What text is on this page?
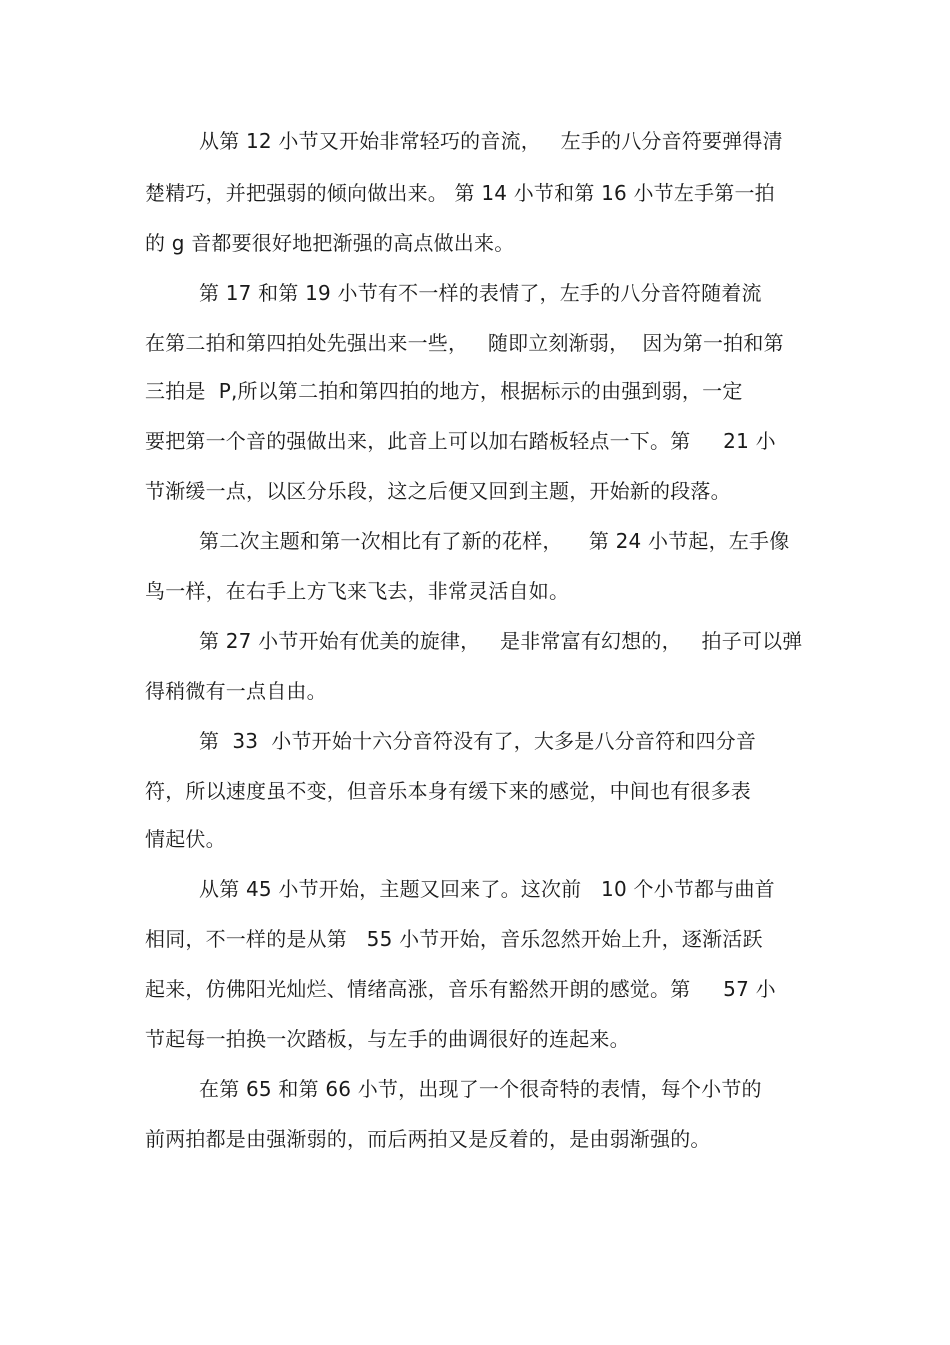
从第 12 小节又开始非常轻巧的音流，   左手的八分音符要弹得清
楚精巧，并把强弱的倾向做出来。 第 14 小节和第 16 小节左手第一拍
的 g 音都要很好地把渐强的高点做出来。
第 17 和第 19 小节有不一样的表情了，左手的八分音符随着流
在第二拍和第四拍处先强出来一些，   随即立刻渐弱，  因为第一拍和第
三拍是  P,所以第二拍和第四拍的地方，根据标示的由强到弱，一定
要把第一个音的强做出来，此音上可以加右踏板轻点一下。第     21 小
节渐缓一点，以区分乐段，这之后便又回到主题，开始新的段落。
第二次主题和第一次相比有了新的花样，    第 24 小节起，左手像
鸟一样，在右手上方飞来飞去，非常灵活自如。
第 27 小节开始有优美的旋律，   是非常富有幻想的，   拍子可以弹
得稍微有一点自由。
第  33  小节开始十六分音符没有了，大多是八分音符和四分音
符，所以速度虽不变，但音乐本身有缓下来的感觉，中间也有很多表
情起伏。
从第 45 小节开始，主题又回来了。这次前   10 个小节都与曲首
相同，不一样的是从第   55 小节开始，音乐忽然开始上升，逐渐活跃
起来，仿佛阳光灿烂、情绪高涨，音乐有豁然开朗的感觉。第     57 小
节起每一拍换一次踏板，与左手的曲调很好的连起来。
在第 65 和第 66 小节，出现了一个很奇特的表情，每个小节的
前两拍都是由强渐弱的，而后两拍又是反着的，是由弱渐强的。
